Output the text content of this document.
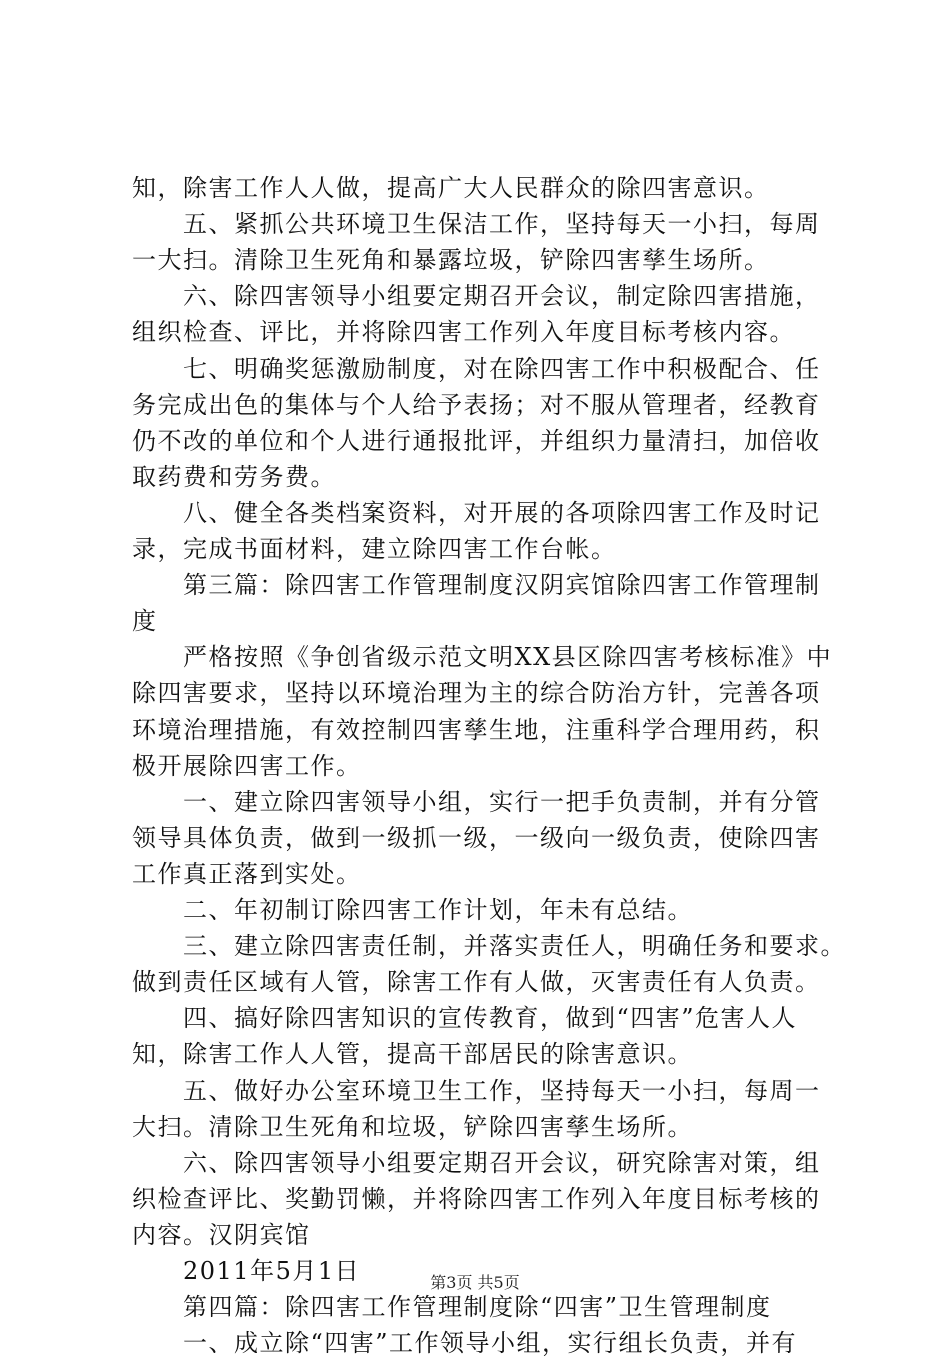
知，除害工作人人做，提高广大人民群众的除四害意识。
　　五、紧抓公共环境卫生保洁工作，坚持每天一小扫，每周
一大扫。清除卫生死角和暴露垃圾，铲除四害孳生场所。
　　六、除四害领导小组要定期召开会议，制定除四害措施，
组织检查、评比，并将除四害工作列入年度目标考核内容。
　　七、明确奖惩激励制度，对在除四害工作中积极配合、任
务完成出色的集体与个人给予表扬；对不服从管理者，经教育
仍不改的单位和个人进行通报批评，并组织力量清扫，加倍收
取药费和劳务费。
　　八、健全各类档案资料，对开展的各项除四害工作及时记
录，完成书面材料，建立除四害工作台帐。
　　第三篇：除四害工作管理制度汉阴宾馆除四害工作管理制
度
　　严格按照《争创省级示范文明XX县区除四害考核标准》中
除四害要求，坚持以环境治理为主的综合防治方针，完善各项
环境治理措施，有效控制四害孳生地，注重科学合理用药，积
极开展除四害工作。
　　一、建立除四害领导小组，实行一把手负责制，并有分管
领导具体负责，做到一级抓一级，一级向一级负责，使除四害
工作真正落到实处。
　　二、年初制订除四害工作计划，年未有总结。
　　三、建立除四害责任制，并落实责任人，明确任务和要求。
做到责任区域有人管，除害工作有人做，灭害责任有人负责。
　　四、搞好除四害知识的宣传教育，做到“四害”危害人人
知，除害工作人人管，提高干部居民的除害意识。
　　五、做好办公室环境卫生工作，坚持每天一小扫，每周一
大扫。清除卫生死角和垃圾，铲除四害孳生场所。
　　六、除四害领导小组要定期召开会议，研究除害对策，组
织检查评比、奖勤罚懒，并将除四害工作列入年度目标考核的
内容。汉阴宾馆
　　2011年5月1日
　　第四篇：除四害工作管理制度除“四害”卫生管理制度
　　一、成立除“四害”工作领导小组，实行组长负责，并有
第3页 共5页
